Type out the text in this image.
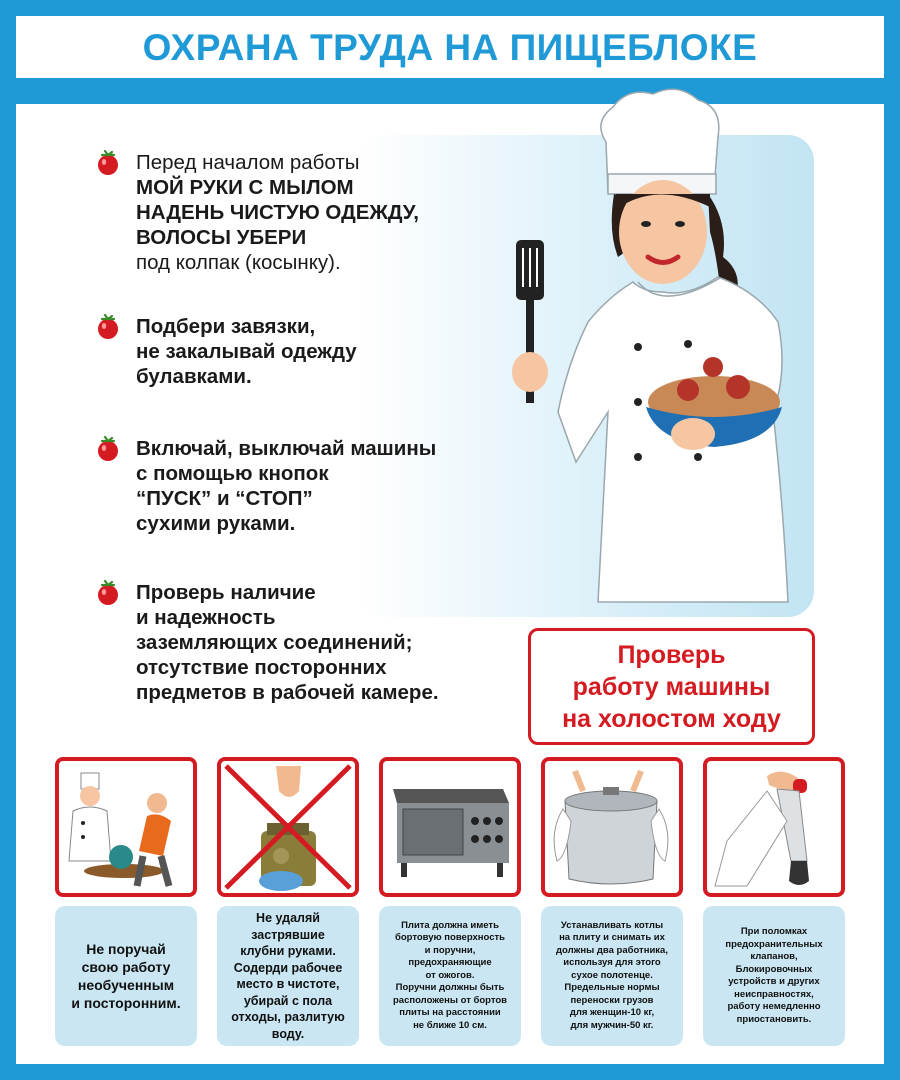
ОХРАНА ТРУДА НА ПИЩЕБЛОКЕ
Перед началом работы
МОЙ РУКИ С МЫЛОМ
НАДЕНЬ ЧИСТУЮ ОДЕЖДУ,
ВОЛОСЫ УБЕРИ
под колпак (косынку).
Подбери завязки,
не закалывай одежду
булавками.
Включай, выключай машины
с помощью кнопок
“ПУСК” и “СТОП”
сухими руками.
Проверь наличие
и надежность
заземляющих соединений;
отсутствие посторонних
предметов в рабочей камере.
Проверь
работу машины
на холостом ходу
Не поручай
свою работу
необученным
и посторонним.
Не удаляй
застрявшие
клубни руками.
Содерди рабочее
место в чистоте,
убирай с пола
отходы, разлитую
воду.
Плита должна иметь
бортовую поверхность
и поручни,
предохраняющие
от ожогов.
Поручни должны быть
расположены от бортов
плиты на расстоянии
не ближе 10 см.
Устанавливать котлы
на плиту и снимать их
должны два работника,
используя для этого
сухое полотенце.
Предельные нормы
переноски грузов
для женщин-10 кг,
для мужчин-50 кг.
При поломках
предохранительных
клапанов,
Блокировочных
устройств и других
неисправностях,
работу немедленно
приостановить.
